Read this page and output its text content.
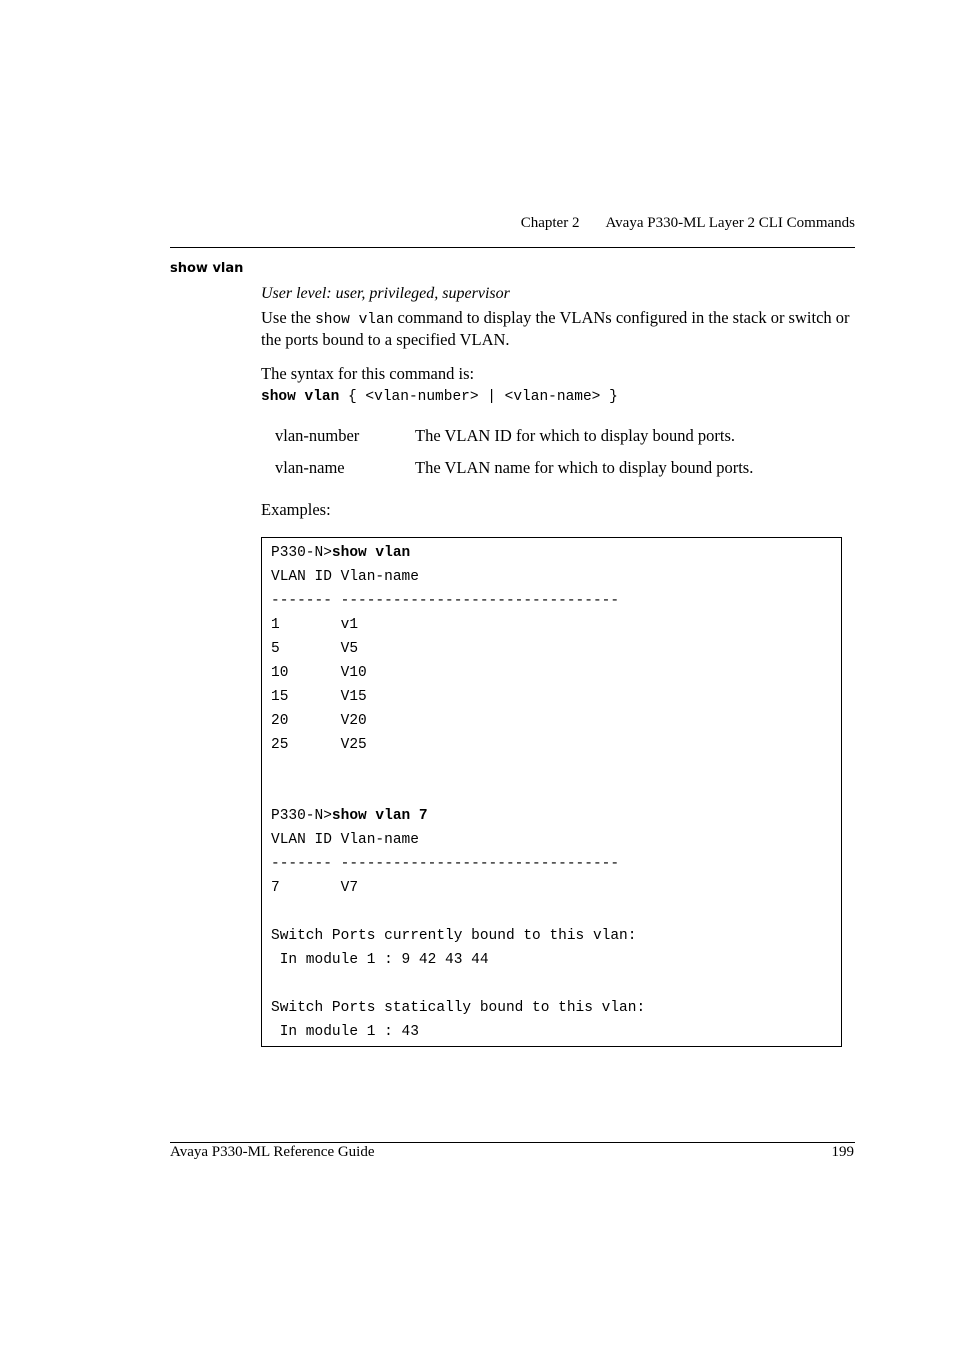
Chapter 2 Avaya P330-ML Layer 2 CLI Commands
show vlan
User level: user, privileged, supervisor
Use the show vlan command to display the VLANs configured in the stack or switch or the ports bound to a specified VLAN.
The syntax for this command is:
show vlan { <vlan-number> | <vlan-name> }
vlan-number	The VLAN ID for which to display bound ports.
vlan-name	The VLAN name for which to display bound ports.
Examples:
P330-N>show vlan
VLAN ID Vlan-name
------- --------------------------------
1       v1
5       V5
10      V10
15      V15
20      V20
25      V25
P330-N>show vlan 7
VLAN ID Vlan-name
------- --------------------------------
7       V7
Switch Ports currently bound to this vlan:
In module 1 : 9 42 43 44
Switch Ports statically bound to this vlan:
In module 1 : 43
Avaya P330-ML Reference Guide	199
